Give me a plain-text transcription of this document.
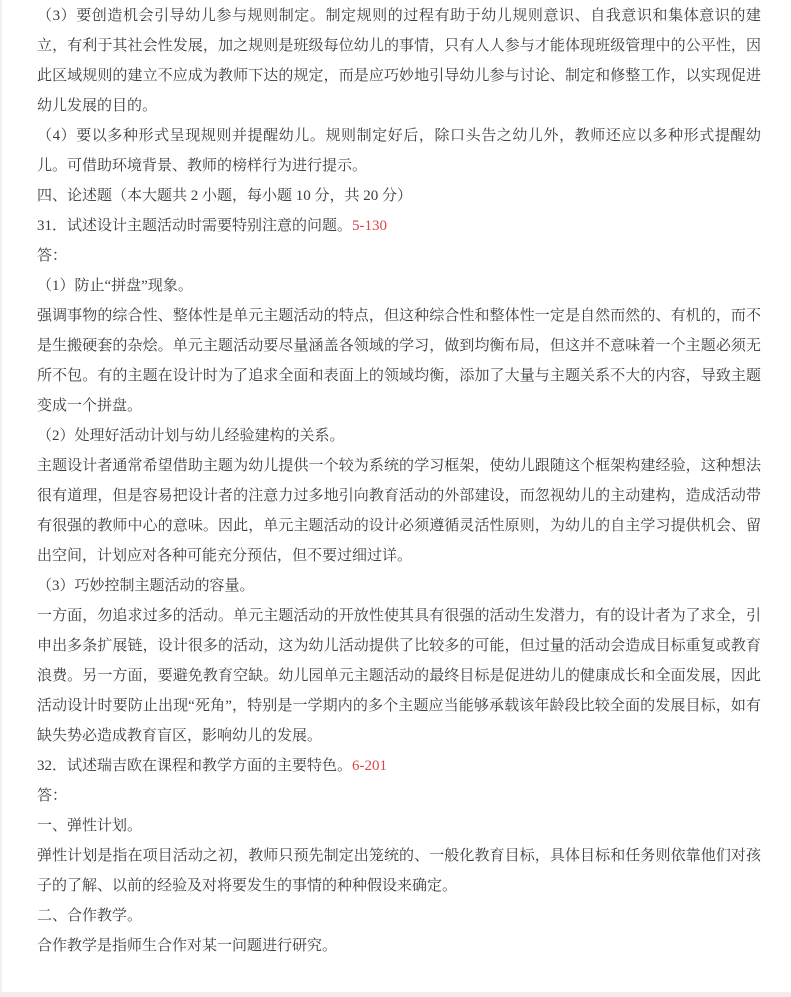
（3）要创造机会引导幼儿参与规则制定。制定规则的过程有助于幼儿规则意识、自我意识和集体意识的建立，有利于其社会性发展，加之规则是班级每位幼儿的事情，只有人人参与才能体现班级管理中的公平性，因此区域规则的建立不应成为教师下达的规定，而是应巧妙地引导幼儿参与讨论、制定和修整工作，以实现促进幼儿发展的目的。

（4）要以多种形式呈现规则并提醒幼儿。规则制定好后，除口头告之幼儿外，教师还应以多种形式提醒幼儿。可借助环境背景、教师的榜样行为进行提示。

四、论述题（本大题共 2 小题，每小题 10 分，共 20 分）

31．试述设计主题活动时需要特别注意的问题。5-130

答：

（1）防止“拼盘”现象。

强调事物的综合性、整体性是单元主题活动的特点，但这种综合性和整体性一定是自然而然的、有机的，而不是生搬硬套的杂烩。单元主题活动要尽量涵盖各领域的学习，做到均衡布局，但这并不意味着一个主题必须无所不包。有的主题在设计时为了追求全面和表面上的领域均衡，添加了大量与主题关系不大的内容，导致主题变成一个拼盘。

（2）处理好活动计划与幼儿经验建构的关系。

主题设计者通常希望借助主题为幼儿提供一个较为系统的学习框架，使幼儿跟随这个框架构建经验，这种想法很有道理，但是容易把设计者的注意力过多地引向教育活动的外部建设，而忽视幼儿的主动建构，造成活动带有很强的教师中心的意味。因此，单元主题活动的设计必须遵循灵活性原则，为幼儿的自主学习提供机会、留出空间，计划应对各种可能充分预估，但不要过细过详。

（3）巧妙控制主题活动的容量。

一方面，勿追求过多的活动。单元主题活动的开放性使其具有很强的活动生发潜力，有的设计者为了求全，引申出多条扩展链，设计很多的活动，这为幼儿活动提供了比较多的可能，但过量的活动会造成目标重复或教育浪费。另一方面，要避免教育空缺。幼儿园单元主题活动的最终目标是促进幼儿的健康成长和全面发展，因此活动设计时要防止出现“死角”，特别是一学期内的多个主题应当能够承载该年龄段比较全面的发展目标，如有缺失势必造成教育盲区，影响幼儿的发展。

32．试述瑞吉欧在课程和教学方面的主要特色。6-201

答：

一、弹性计划。

弹性计划是指在项目活动之初，教师只预先制定出笼统的、一般化教育目标，具体目标和任务则依靠他们对孩子的了解、以前的经验及对将要发生的事情的种种假设来确定。

二、合作教学。

合作教学是指师生合作对某一问题进行研究。
